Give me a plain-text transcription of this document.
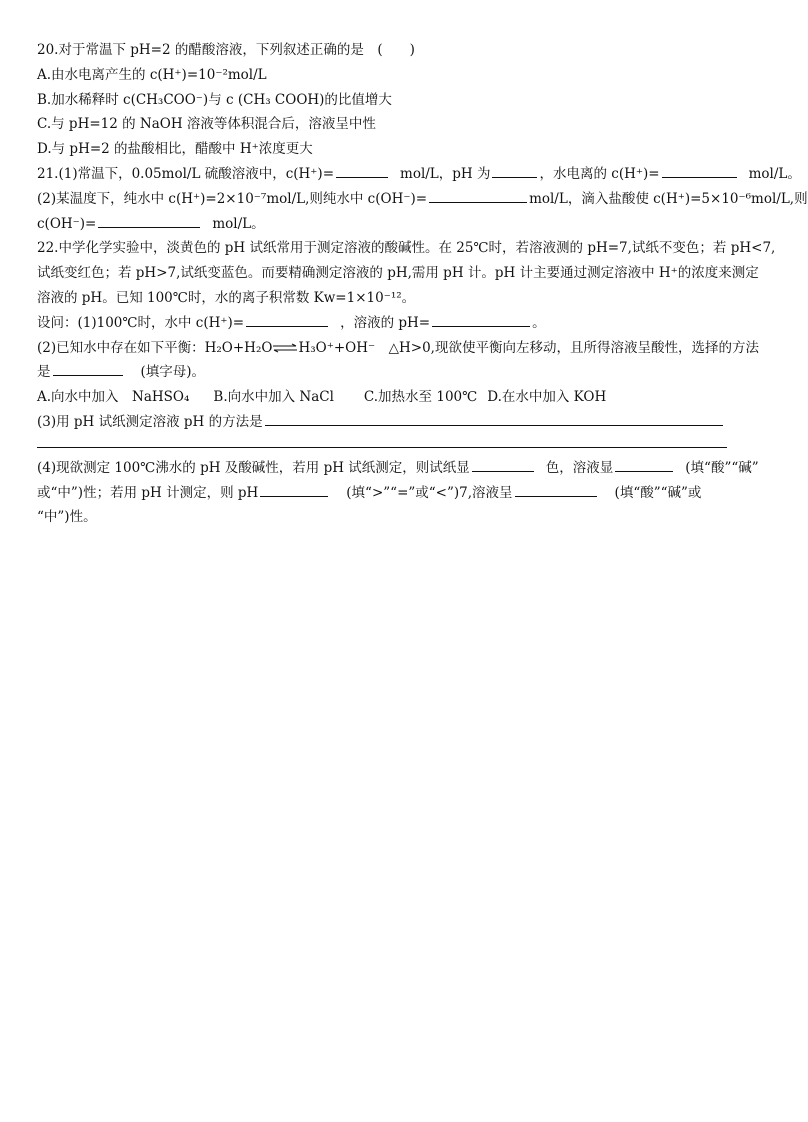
20.对于常温下 pH=2 的醋酸溶液，下列叙述正确的是　(　　)
A.由水电离产生的 c(H⁺)=10⁻²mol/L
B.加水稀释时 c(CH₃COO⁻)与 c (CH₃ COOH)的比值增大
C.与 pH=12 的 NaOH 溶液等体积混合后，溶液呈中性
D.与 pH=2 的盐酸相比，醋酸中 H⁺浓度更大
21.(1)常温下，0.05mol/L 硫酸溶液中，c(H⁺)=	mol/L，pH 为	，水电离的 c(H⁺)=	mol/L。
(2)某温度下，纯水中 c(H⁺)=2×10⁻⁷mol/L,则纯水中 c(OH⁻)=	mol/L，滴入盐酸使 c(H⁺)=5×10⁻⁶mol/L,则
c(OH⁻)=	mol/L。
22.中学化学实验中，淡黄色的 pH 试纸常用于测定溶液的酸碱性。在 25℃时，若溶液测的 pH=7,试纸不变色；若 pH<7,
试纸变红色；若 pH>7,试纸变蓝色。而要精确测定溶液的 pH,需用 pH 计。pH 计主要通过测定溶液中 H⁺的浓度来测定
溶液的 pH。已知 100℃时，水的离子积常数 Kw=1×10⁻¹²。
设问：(1)100℃时，水中 c(H⁺)=	，溶液的 pH=	。
(2)已知水中存在如下平衡：H₂O+H₂O⇌H₃O⁺+OH⁻　△H>0,现欲使平衡向左移动，且所得溶液呈酸性，选择的方法
是	(填字母)。
A.向水中加入　NaHSO₄ B.向水中加入 NaCl C.加热水至 100℃ D.在水中加入 KOH
(3)用 pH 试纸测定溶液 pH 的方法是
(4)现欲测定 100℃沸水的 pH 及酸碱性，若用 pH 试纸测定，则试纸显	色，溶液显	(填“酸”“碱”
或“中”)性；若用 pH 计测定，则 pH	(填“>”“=”或“<”)7,溶液呈	(填“酸”“碱”或
“中”)性。
